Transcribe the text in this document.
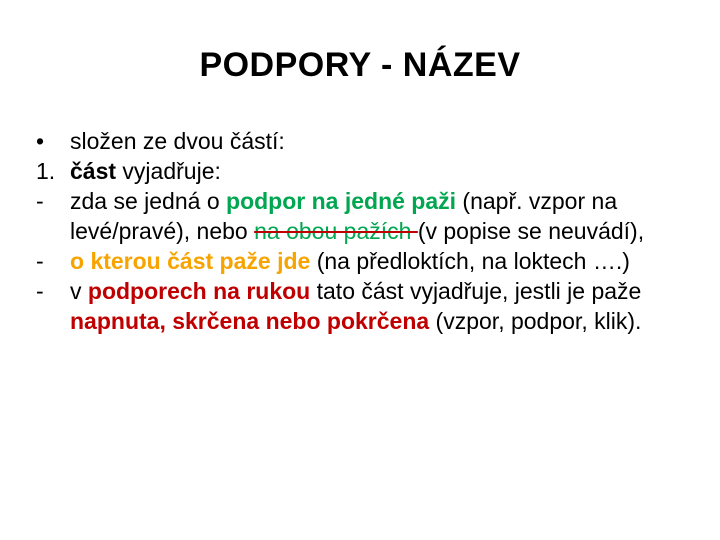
PODPORY - NÁZEV
• složen ze dvou částí:
1. část vyjadřuje:
- zda se jedná o podpor na jedné paži (např. vzpor na levé/pravé), nebo na obou pažích (v popise se neuvádí),
- o kterou část paže jde (na předloktích, na loktech ….)
- v podporech na rukou tato část vyjadřuje, jestli je paže napnuta, skrčena nebo pokrčena (vzpor, podpor, klik).
